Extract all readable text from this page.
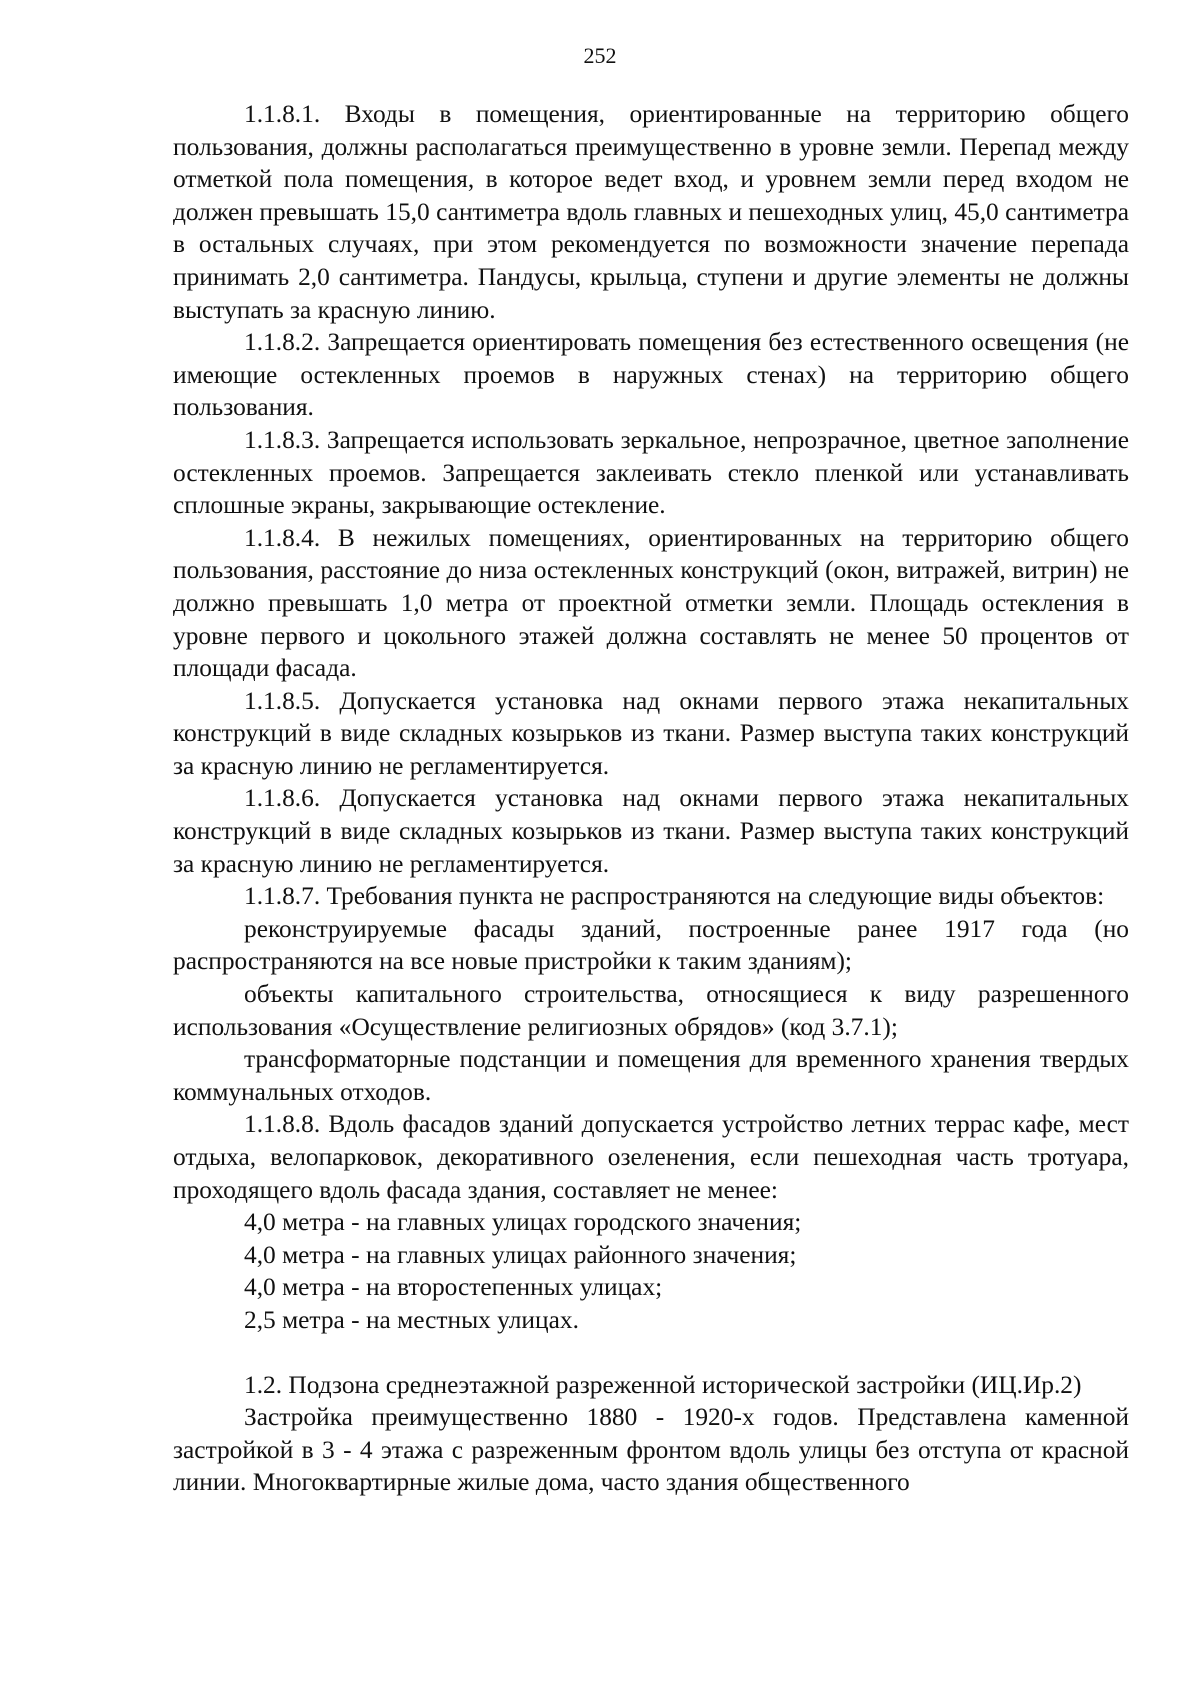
252

1.1.8.1. Входы в помещения, ориентированные на территорию общего пользования, должны располагаться преимущественно в уровне земли. Перепад между отметкой пола помещения, в которое ведет вход, и уровнем земли перед входом не должен превышать 15,0 сантиметра вдоль главных и пешеходных улиц, 45,0 сантиметра в остальных случаях, при этом рекомендуется по возможности значение перепада принимать 2,0 сантиметра. Пандусы, крыльца, ступени и другие элементы не должны выступать за красную линию.

1.1.8.2. Запрещается ориентировать помещения без естественного освещения (не имеющие остекленных проемов в наружных стенах) на территорию общего пользования.

1.1.8.3. Запрещается использовать зеркальное, непрозрачное, цветное заполнение остекленных проемов. Запрещается заклеивать стекло пленкой или устанавливать сплошные экраны, закрывающие остекление.

1.1.8.4. В нежилых помещениях, ориентированных на территорию общего пользования, расстояние до низа остекленных конструкций (окон, витражей, витрин) не должно превышать 1,0 метра от проектной отметки земли. Площадь остекления в уровне первого и цокольного этажей должна составлять не менее 50 процентов от площади фасада.

1.1.8.5. Допускается установка над окнами первого этажа некапитальных конструкций в виде складных козырьков из ткани. Размер выступа таких конструкций за красную линию не регламентируется.

1.1.8.6. Допускается установка над окнами первого этажа некапитальных конструкций в виде складных козырьков из ткани. Размер выступа таких конструкций за красную линию не регламентируется.

1.1.8.7. Требования пункта не распространяются на следующие виды объектов:

реконструируемые фасады зданий, построенные ранее 1917 года (но распространяются на все новые пристройки к таким зданиям);

объекты капитального строительства, относящиеся к виду разрешенного использования «Осуществление религиозных обрядов» (код 3.7.1);

трансформаторные подстанции и помещения для временного хранения твердых коммунальных отходов.

1.1.8.8. Вдоль фасадов зданий допускается устройство летних террас кафе, мест отдыха, велопарковок, декоративного озеленения, если пешеходная часть тротуара, проходящего вдоль фасада здания, составляет не менее:

4,0 метра - на главных улицах городского значения;

4,0 метра - на главных улицах районного значения;

4,0 метра - на второстепенных улицах;

2,5 метра - на местных улицах.

1.2. Подзона среднеэтажной разреженной исторической застройки (ИЦ.Ир.2)

Застройка преимущественно 1880 - 1920-х годов. Представлена каменной застройкой в 3 - 4 этажа с разреженным фронтом вдоль улицы без отступа от красной линии. Многоквартирные жилые дома, часто здания общественного
